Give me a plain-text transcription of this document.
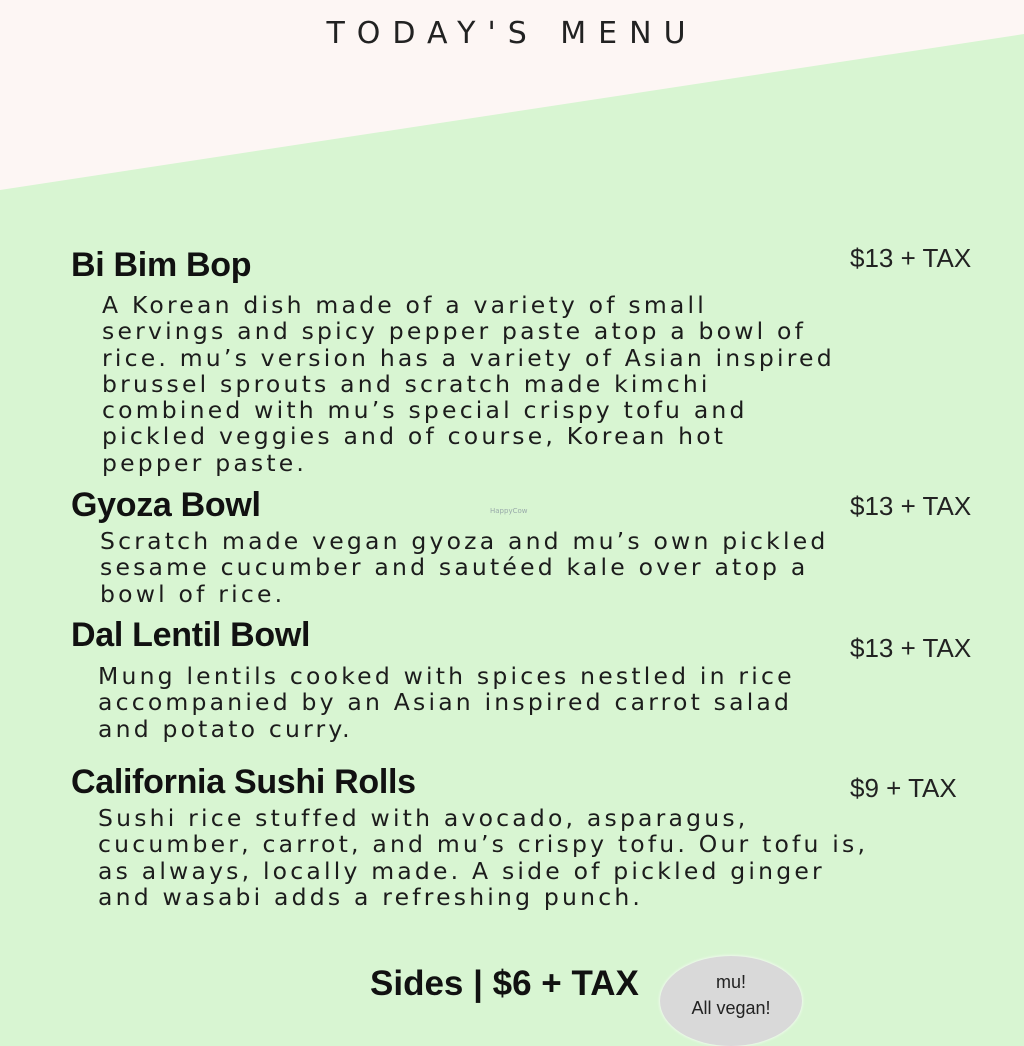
TODAY'S MENU
Bi Bim Bop	$13 + TAX
A Korean dish made of a variety of small
servings and spicy pepper paste atop a bowl of
rice. mu’s version has a variety of Asian inspired
brussel sprouts and scratch made kimchi
combined with mu’s special crispy tofu and
pickled veggies and of course, Korean hot
pepper paste.
Gyoza Bowl	$13 + TAX
HappyCow
Scratch made vegan gyoza and mu’s own pickled
sesame cucumber and sautéed kale over atop a
bowl of rice.
Dal Lentil Bowl	$13 + TAX
Mung lentils cooked with spices nestled in rice
accompanied by an Asian inspired carrot salad
and potato curry.
California Sushi Rolls	$9 + TAX
Sushi rice stuffed with avocado, asparagus,
cucumber, carrot, and mu’s crispy tofu. Our tofu is,
as always, locally made. A side of pickled ginger
and wasabi adds a refreshing punch.
Sides | $6 + TAX	mu!
All vegan!
